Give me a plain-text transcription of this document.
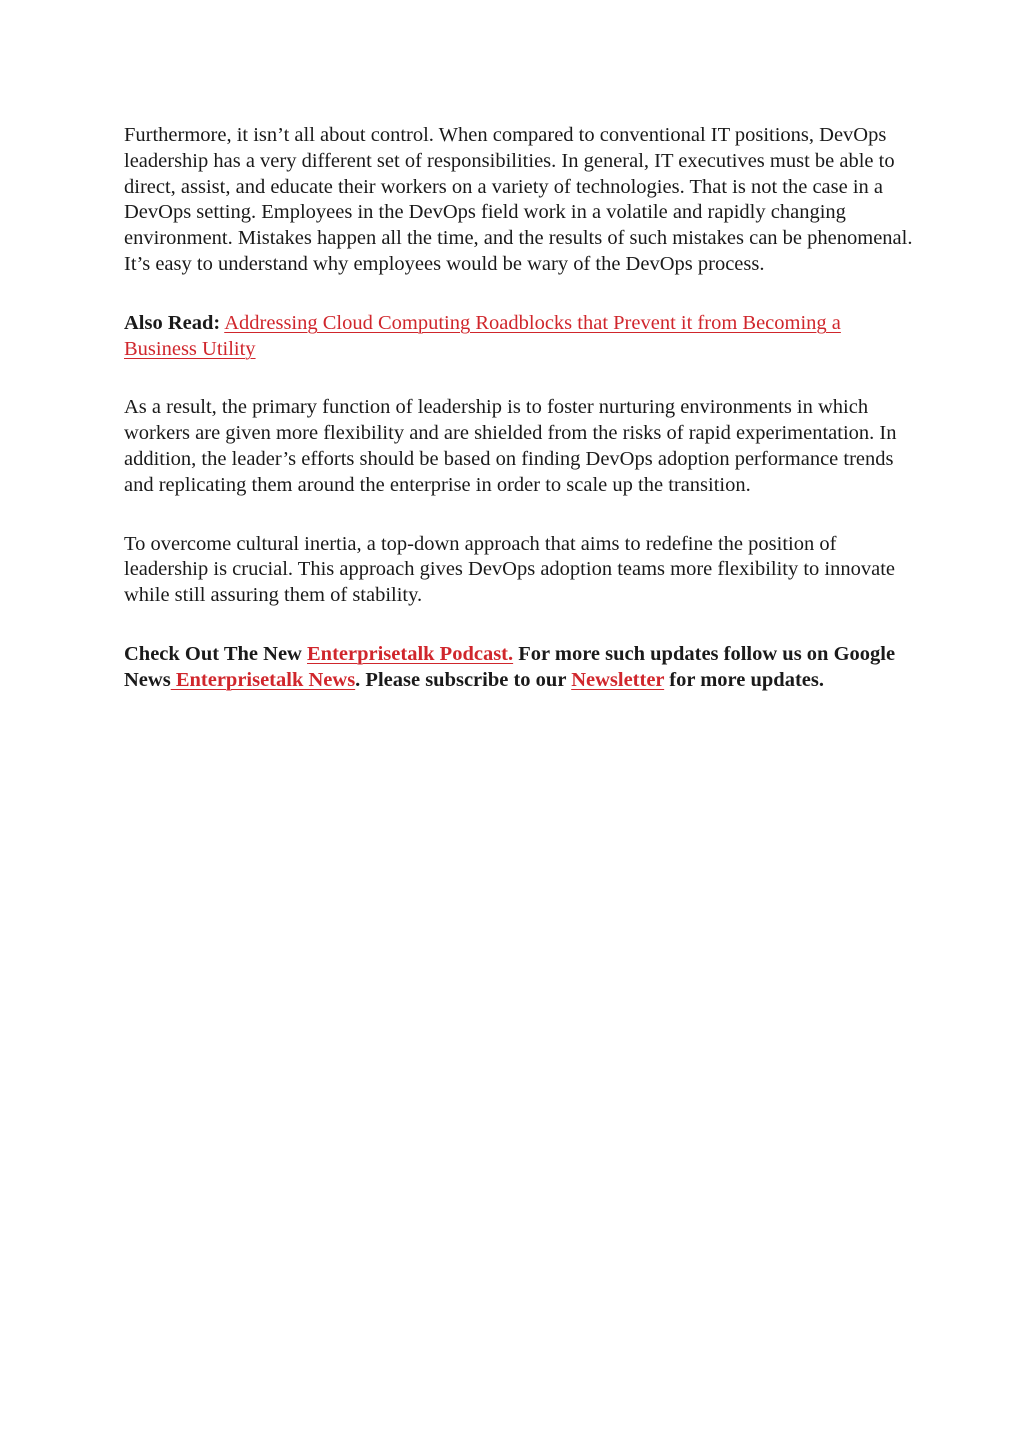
Furthermore, it isn’t all about control. When compared to conventional IT positions, DevOps leadership has a very different set of responsibilities. In general, IT executives must be able to direct, assist, and educate their workers on a variety of technologies. That is not the case in a DevOps setting. Employees in the DevOps field work in a volatile and rapidly changing environment. Mistakes happen all the time, and the results of such mistakes can be phenomenal. It’s easy to understand why employees would be wary of the DevOps process.

Also Read: Addressing Cloud Computing Roadblocks that Prevent it from Becoming a Business Utility

As a result, the primary function of leadership is to foster nurturing environments in which workers are given more flexibility and are shielded from the risks of rapid experimentation. In addition, the leader’s efforts should be based on finding DevOps adoption performance trends and replicating them around the enterprise in order to scale up the transition.

To overcome cultural inertia, a top-down approach that aims to redefine the position of leadership is crucial. This approach gives DevOps adoption teams more flexibility to innovate while still assuring them of stability.

Check Out The New Enterprisetalk Podcast. For more such updates follow us on Google News Enterprisetalk News. Please subscribe to our Newsletter for more updates.
